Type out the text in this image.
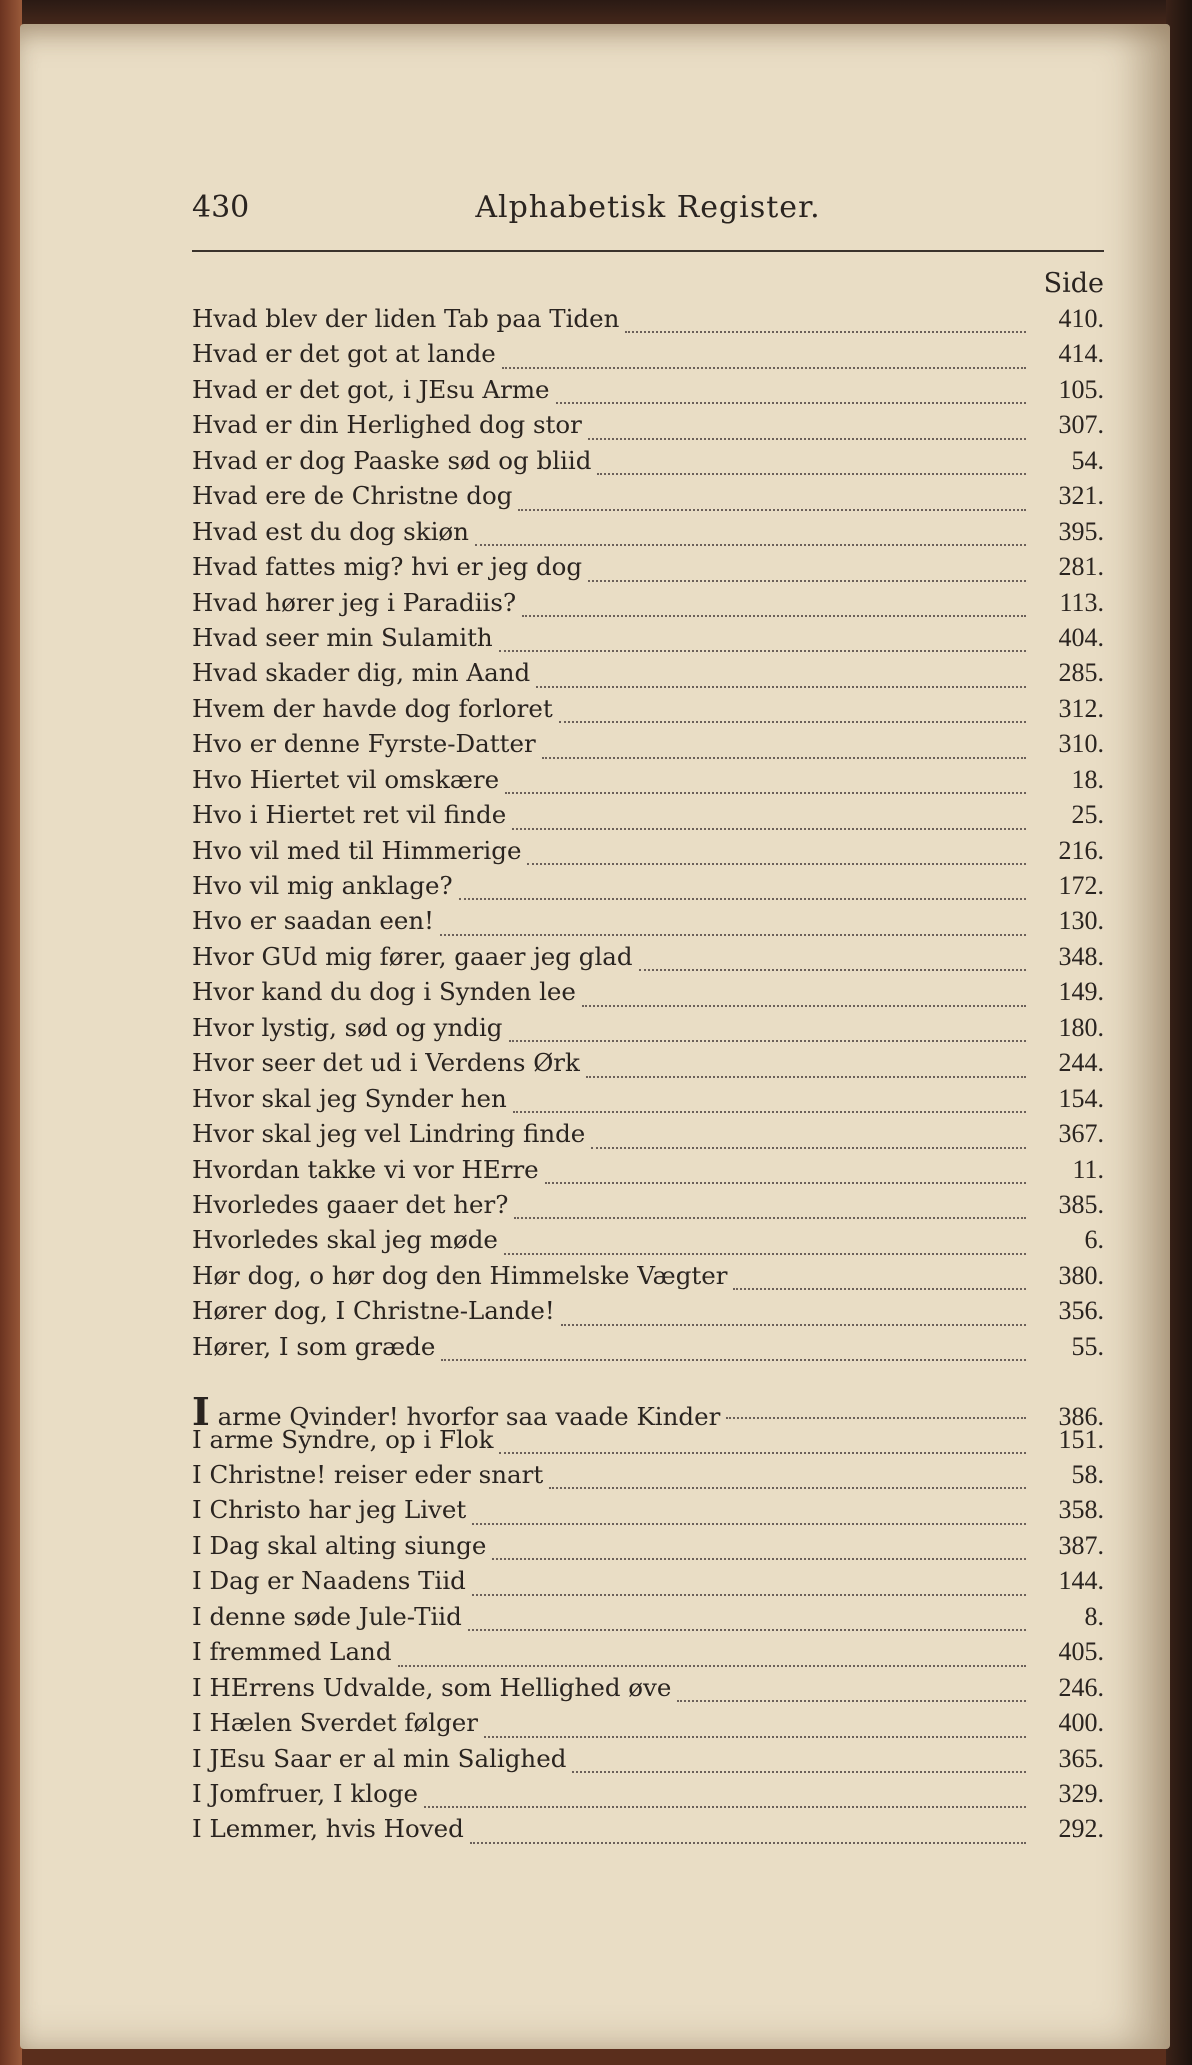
430	Alphabetisk Register.
Side
Hvad blev der liden Tab paa Tiden	410.
Hvad er det got at lande	414.
Hvad er det got, i JEsu Arme	105.
Hvad er din Herlighed dog stor	307.
Hvad er dog Paaske sød og bliid	54.
Hvad ere de Christne dog	321.
Hvad est du dog skiøn	395.
Hvad fattes mig? hvi er jeg dog	281.
Hvad hører jeg i Paradiis?	113.
Hvad seer min Sulamith	404.
Hvad skader dig, min Aand	285.
Hvem der havde dog forloret	312.
Hvo er denne Fyrste-Datter	310.
Hvo Hiertet vil omskære	18.
Hvo i Hiertet ret vil finde	25.
Hvo vil med til Himmerige	216.
Hvo vil mig anklage?	172.
Hvo er saadan een!	130.
Hvor GUd mig fører, gaaer jeg glad	348.
Hvor kand du dog i Synden lee	149.
Hvor lystig, sød og yndig	180.
Hvor seer det ud i Verdens Ørk	244.
Hvor skal jeg Synder hen	154.
Hvor skal jeg vel Lindring finde	367.
Hvordan takke vi vor HErre	11.
Hvorledes gaaer det her?	385.
Hvorledes skal jeg møde	6.
Hør dog, o hør dog den Himmelske Vægter	380.
Hører dog, I Christne-Lande!	356.
Hører, I som græde	55.
I arme Qvinder! hvorfor saa vaade Kinder	386.
I arme Syndre, op i Flok	151.
I Christne! reiser eder snart	58.
I Christo har jeg Livet	358.
I Dag skal alting siunge	387.
I Dag er Naadens Tiid	144.
I denne søde Jule-Tiid	8.
I fremmed Land	405.
I HErrens Udvalde, som Hellighed øve	246.
I Hælen Sverdet følger	400.
I JEsu Saar er al min Salighed	365.
I Jomfruer, I kloge	329.
I Lemmer, hvis Hoved	292.
